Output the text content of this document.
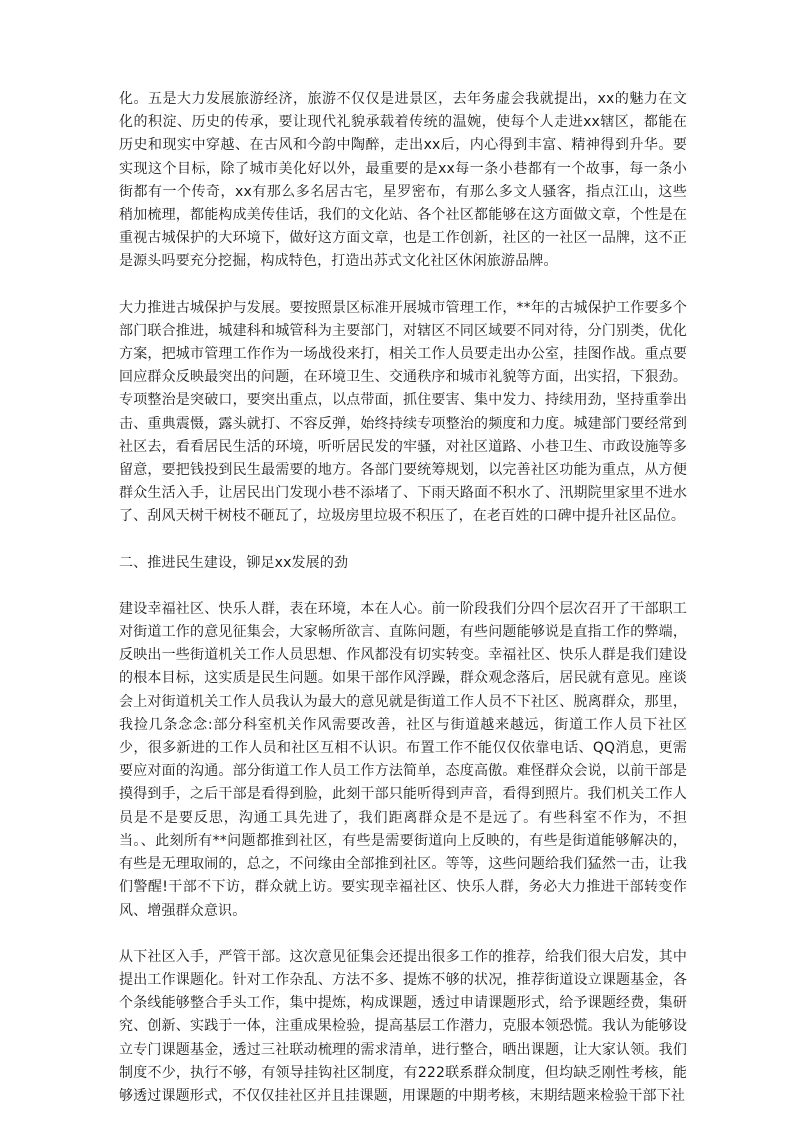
化。五是大力发展旅游经济，旅游不仅仅是进景区，去年务虚会我就提出，xx的魅力在文化的积淀、历史的传承，要让现代礼貌承载着传统的温婉，使每个人走进xx辖区，都能在历史和现实中穿越、在古风和今韵中陶醉，走出xx后，内心得到丰富、精神得到升华。要实现这个目标，除了城市美化好以外，最重要的是xx每一条小巷都有一个故事，每一条小街都有一个传奇，xx有那么多名居古宅，星罗密布，有那么多文人骚客，指点江山，这些稍加梳理，都能构成美传佳话，我们的文化站、各个社区都能够在这方面做文章，个性是在重视古城保护的大环境下，做好这方面文章，也是工作创新，社区的一社区一品牌，这不正是源头吗要充分挖掘，构成特色，打造出苏式文化社区休闲旅游品牌。

大力推进古城保护与发展。要按照景区标准开展城市管理工作，**年的古城保护工作要多个部门联合推进，城建科和城管科为主要部门，对辖区不同区域要不同对待，分门别类，优化方案，把城市管理工作作为一场战役来打，相关工作人员要走出办公室，挂图作战。重点要回应群众反映最突出的问题，在环境卫生、交通秩序和城市礼貌等方面，出实招，下狠劲。专项整治是突破口，要突出重点，以点带面，抓住要害、集中发力、持续用劲，坚持重拳出击、重典震慑，露头就打、不容反弹，始终持续专项整治的频度和力度。城建部门要经常到社区去，看看居民生活的环境，听听居民发的牢骚，对社区道路、小巷卫生、市政设施等多留意，要把钱投到民生最需要的地方。各部门要统筹规划，以完善社区功能为重点，从方便群众生活入手，让居民出门发现小巷不添堵了、下雨天路面不积水了、汛期院里家里不进水了、刮风天树干树枝不砸瓦了，垃圾房里垃圾不积压了，在老百姓的口碑中提升社区品位。

二、推进民生建设，铆足xx发展的劲

建设幸福社区、快乐人群，表在环境，本在人心。前一阶段我们分四个层次召开了干部职工对街道工作的意见征集会，大家畅所欲言、直陈问题，有些问题能够说是直指工作的弊端，反映出一些街道机关工作人员思想、作风都没有切实转变。幸福社区、快乐人群是我们建设的根本目标，这实质是民生问题。如果干部作风浮躁，群众观念落后，居民就有意见。座谈会上对街道机关工作人员我认为最大的意见就是街道工作人员不下社区、脱离群众，那里，我捡几条念念:部分科室机关作风需要改善，社区与街道越来越远，街道工作人员下社区少，很多新进的工作人员和社区互相不认识。布置工作不能仅仅依靠电话、QQ消息，更需要应对面的沟通。部分街道工作人员工作方法简单，态度高傲。难怪群众会说，以前干部是摸得到手，之后干部是看得到脸，此刻干部只能听得到声音，看得到照片。我们机关工作人员是不是要反思，沟通工具先进了，我们距离群众是不是远了。有些科室不作为，不担当。、此刻所有**问题都推到社区，有些是需要街道向上反映的，有些是街道能够解决的，有些是无理取闹的，总之，不问缘由全部推到社区。等等，这些问题给我们猛然一击，让我们警醒!干部不下访，群众就上访。要实现幸福社区、快乐人群，务必大力推进干部转变作风、增强群众意识。

从下社区入手，严管干部。这次意见征集会还提出很多工作的推荐，给我们很大启发，其中提出工作课题化。针对工作杂乱、方法不多、提炼不够的状况，推荐街道设立课题基金，各个条线能够整合手头工作，集中提炼，构成课题，透过申请课题形式，给予课题经费，集研究、创新、实践于一体，注重成果检验，提高基层工作潜力，克服本领恐慌。我认为能够设立专门课题基金，透过三社联动梳理的需求清单，进行整合，晒出课题，让大家认领。我们制度不少，执行不够，有领导挂钩社区制度，有222联系群众制度，但均缺乏刚性考核，能够透过课题形式，不仅仅挂社区并且挂课题，用课题的中期考核，末期结题来检验干部下社
